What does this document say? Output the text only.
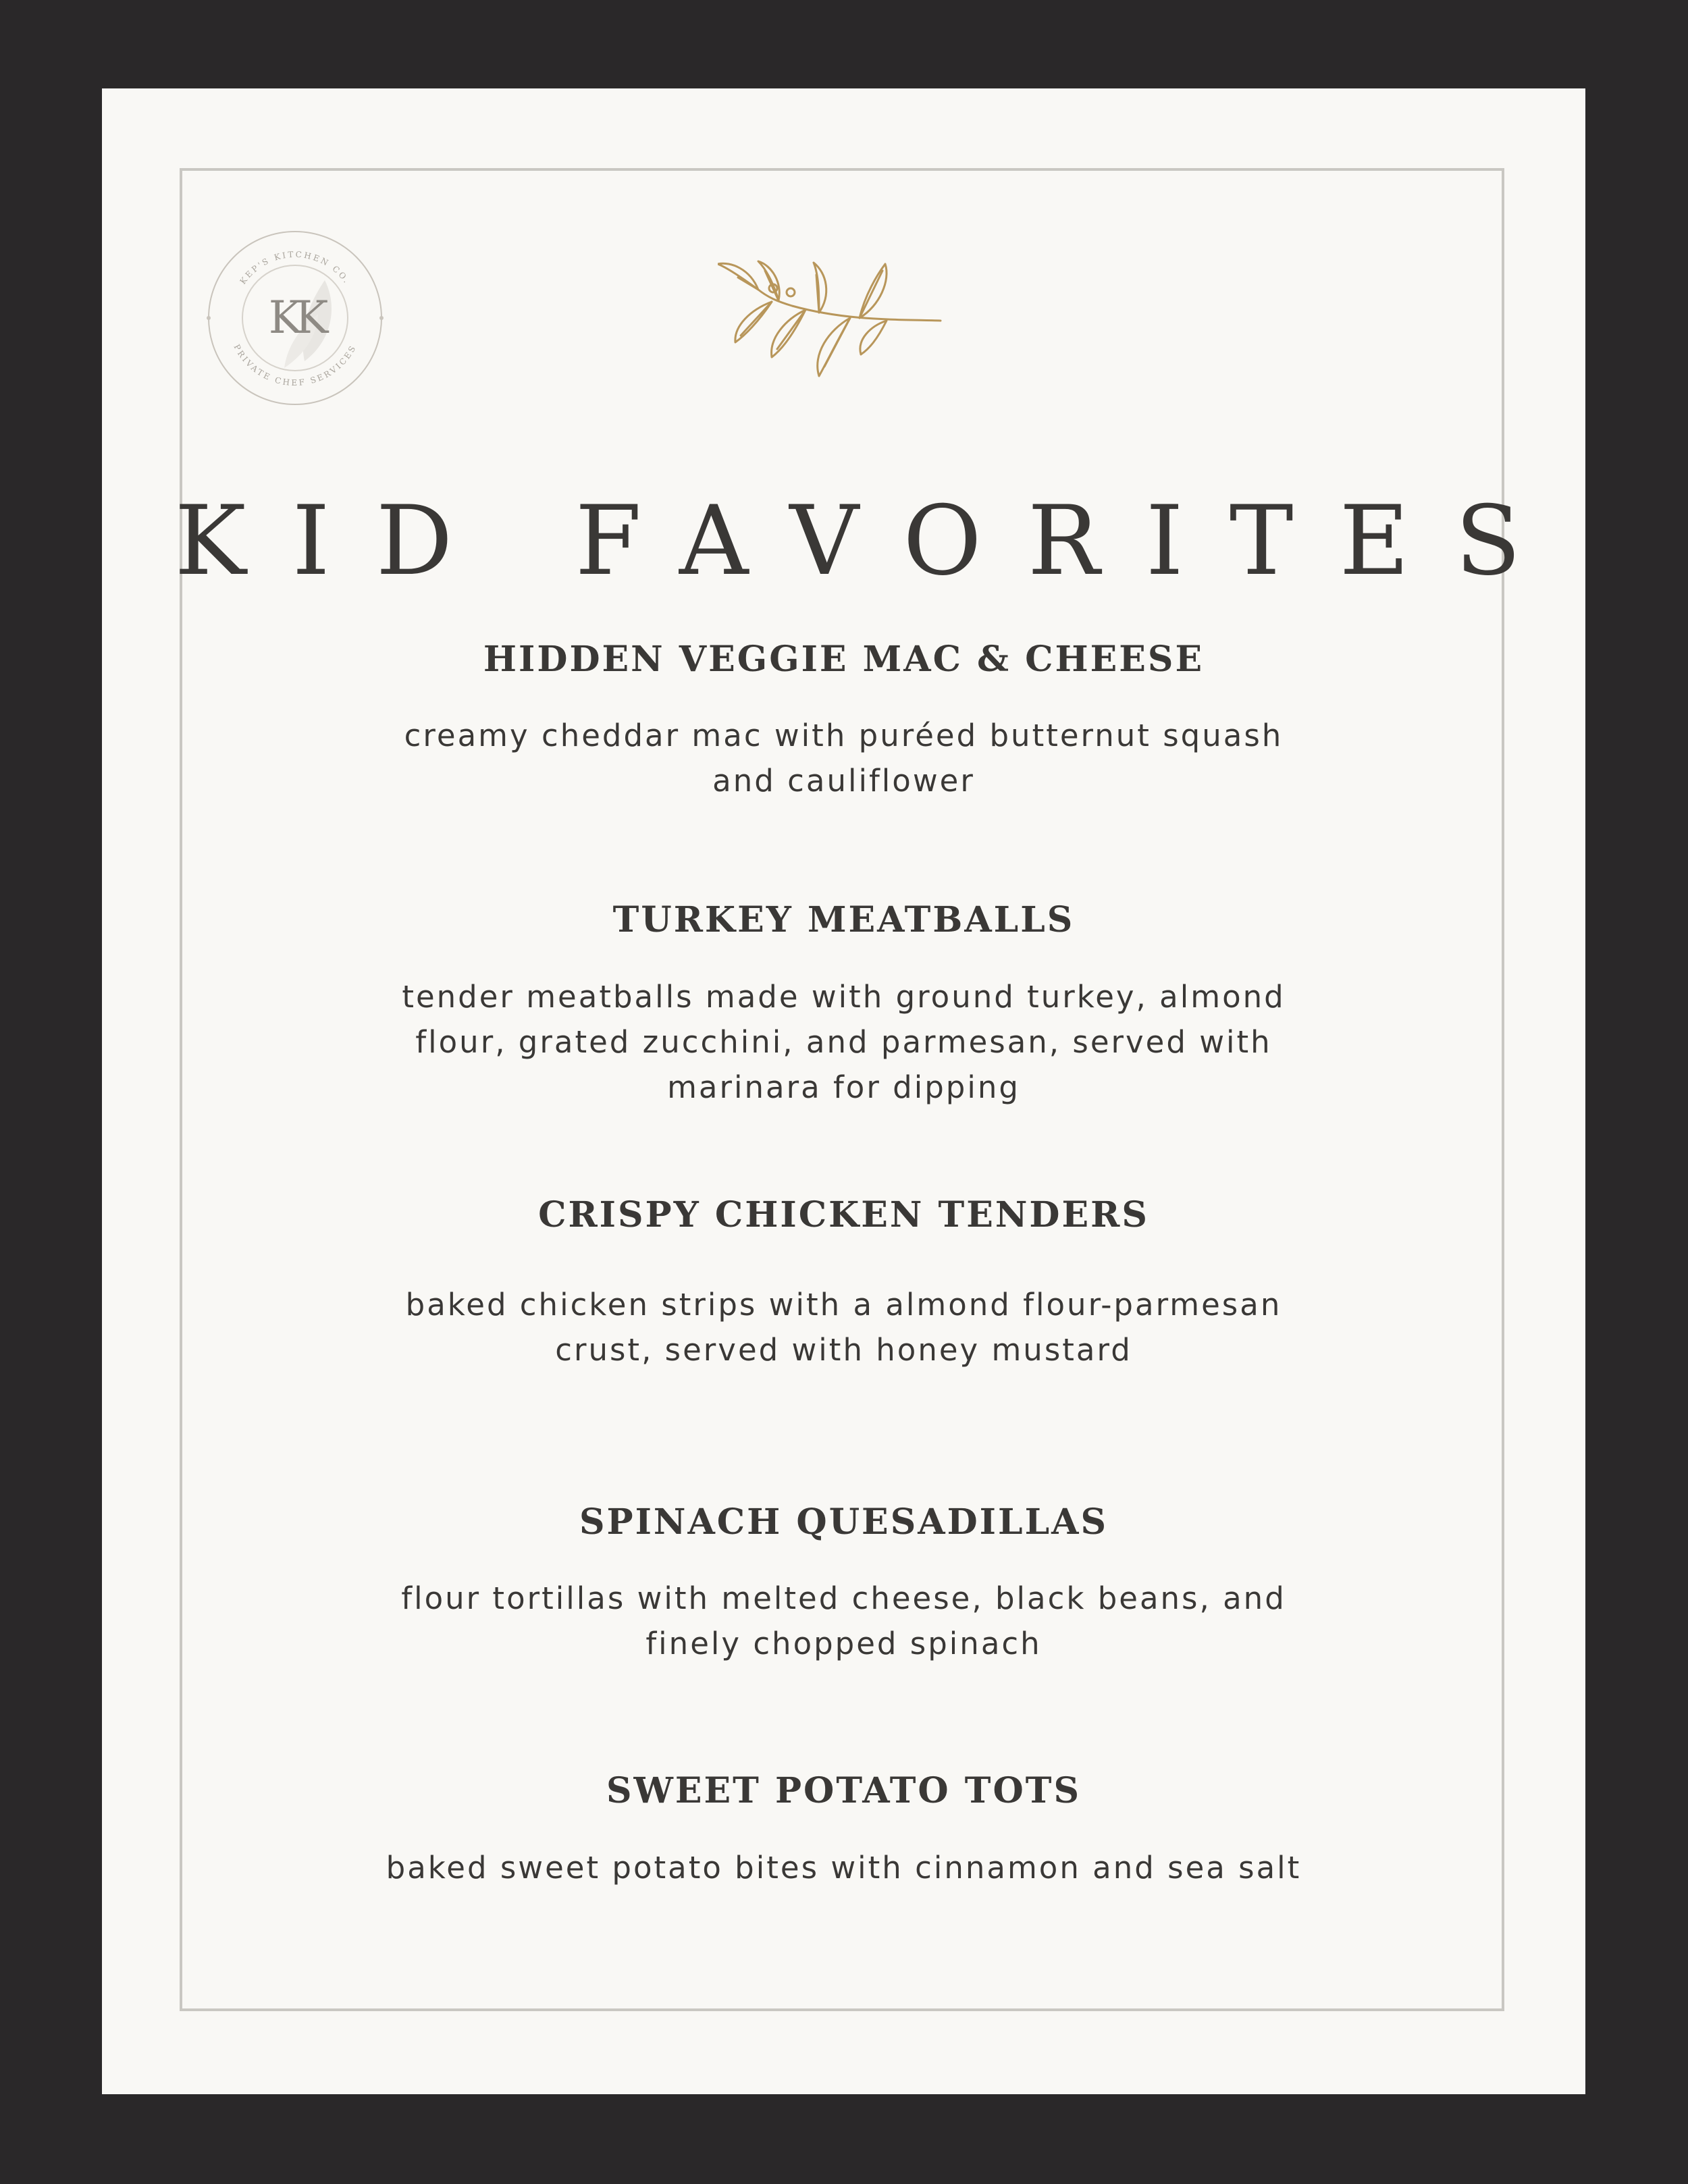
KK
KEP'S KITCHEN CO.
PRIVATE CHEF SERVICES
KID FAVORITES
HIDDEN VEGGIE MAC & CHEESE
creamy cheddar mac with puréed butternut squash
and cauliflower
TURKEY MEATBALLS
tender meatballs made with ground turkey, almond
flour, grated zucchini, and parmesan, served with
marinara for dipping
CRISPY CHICKEN TENDERS
baked chicken strips with a almond flour-parmesan
crust, served with honey mustard
SPINACH QUESADILLAS
flour tortillas with melted cheese, black beans, and
finely chopped spinach
SWEET POTATO TOTS
baked sweet potato bites with cinnamon and sea salt
